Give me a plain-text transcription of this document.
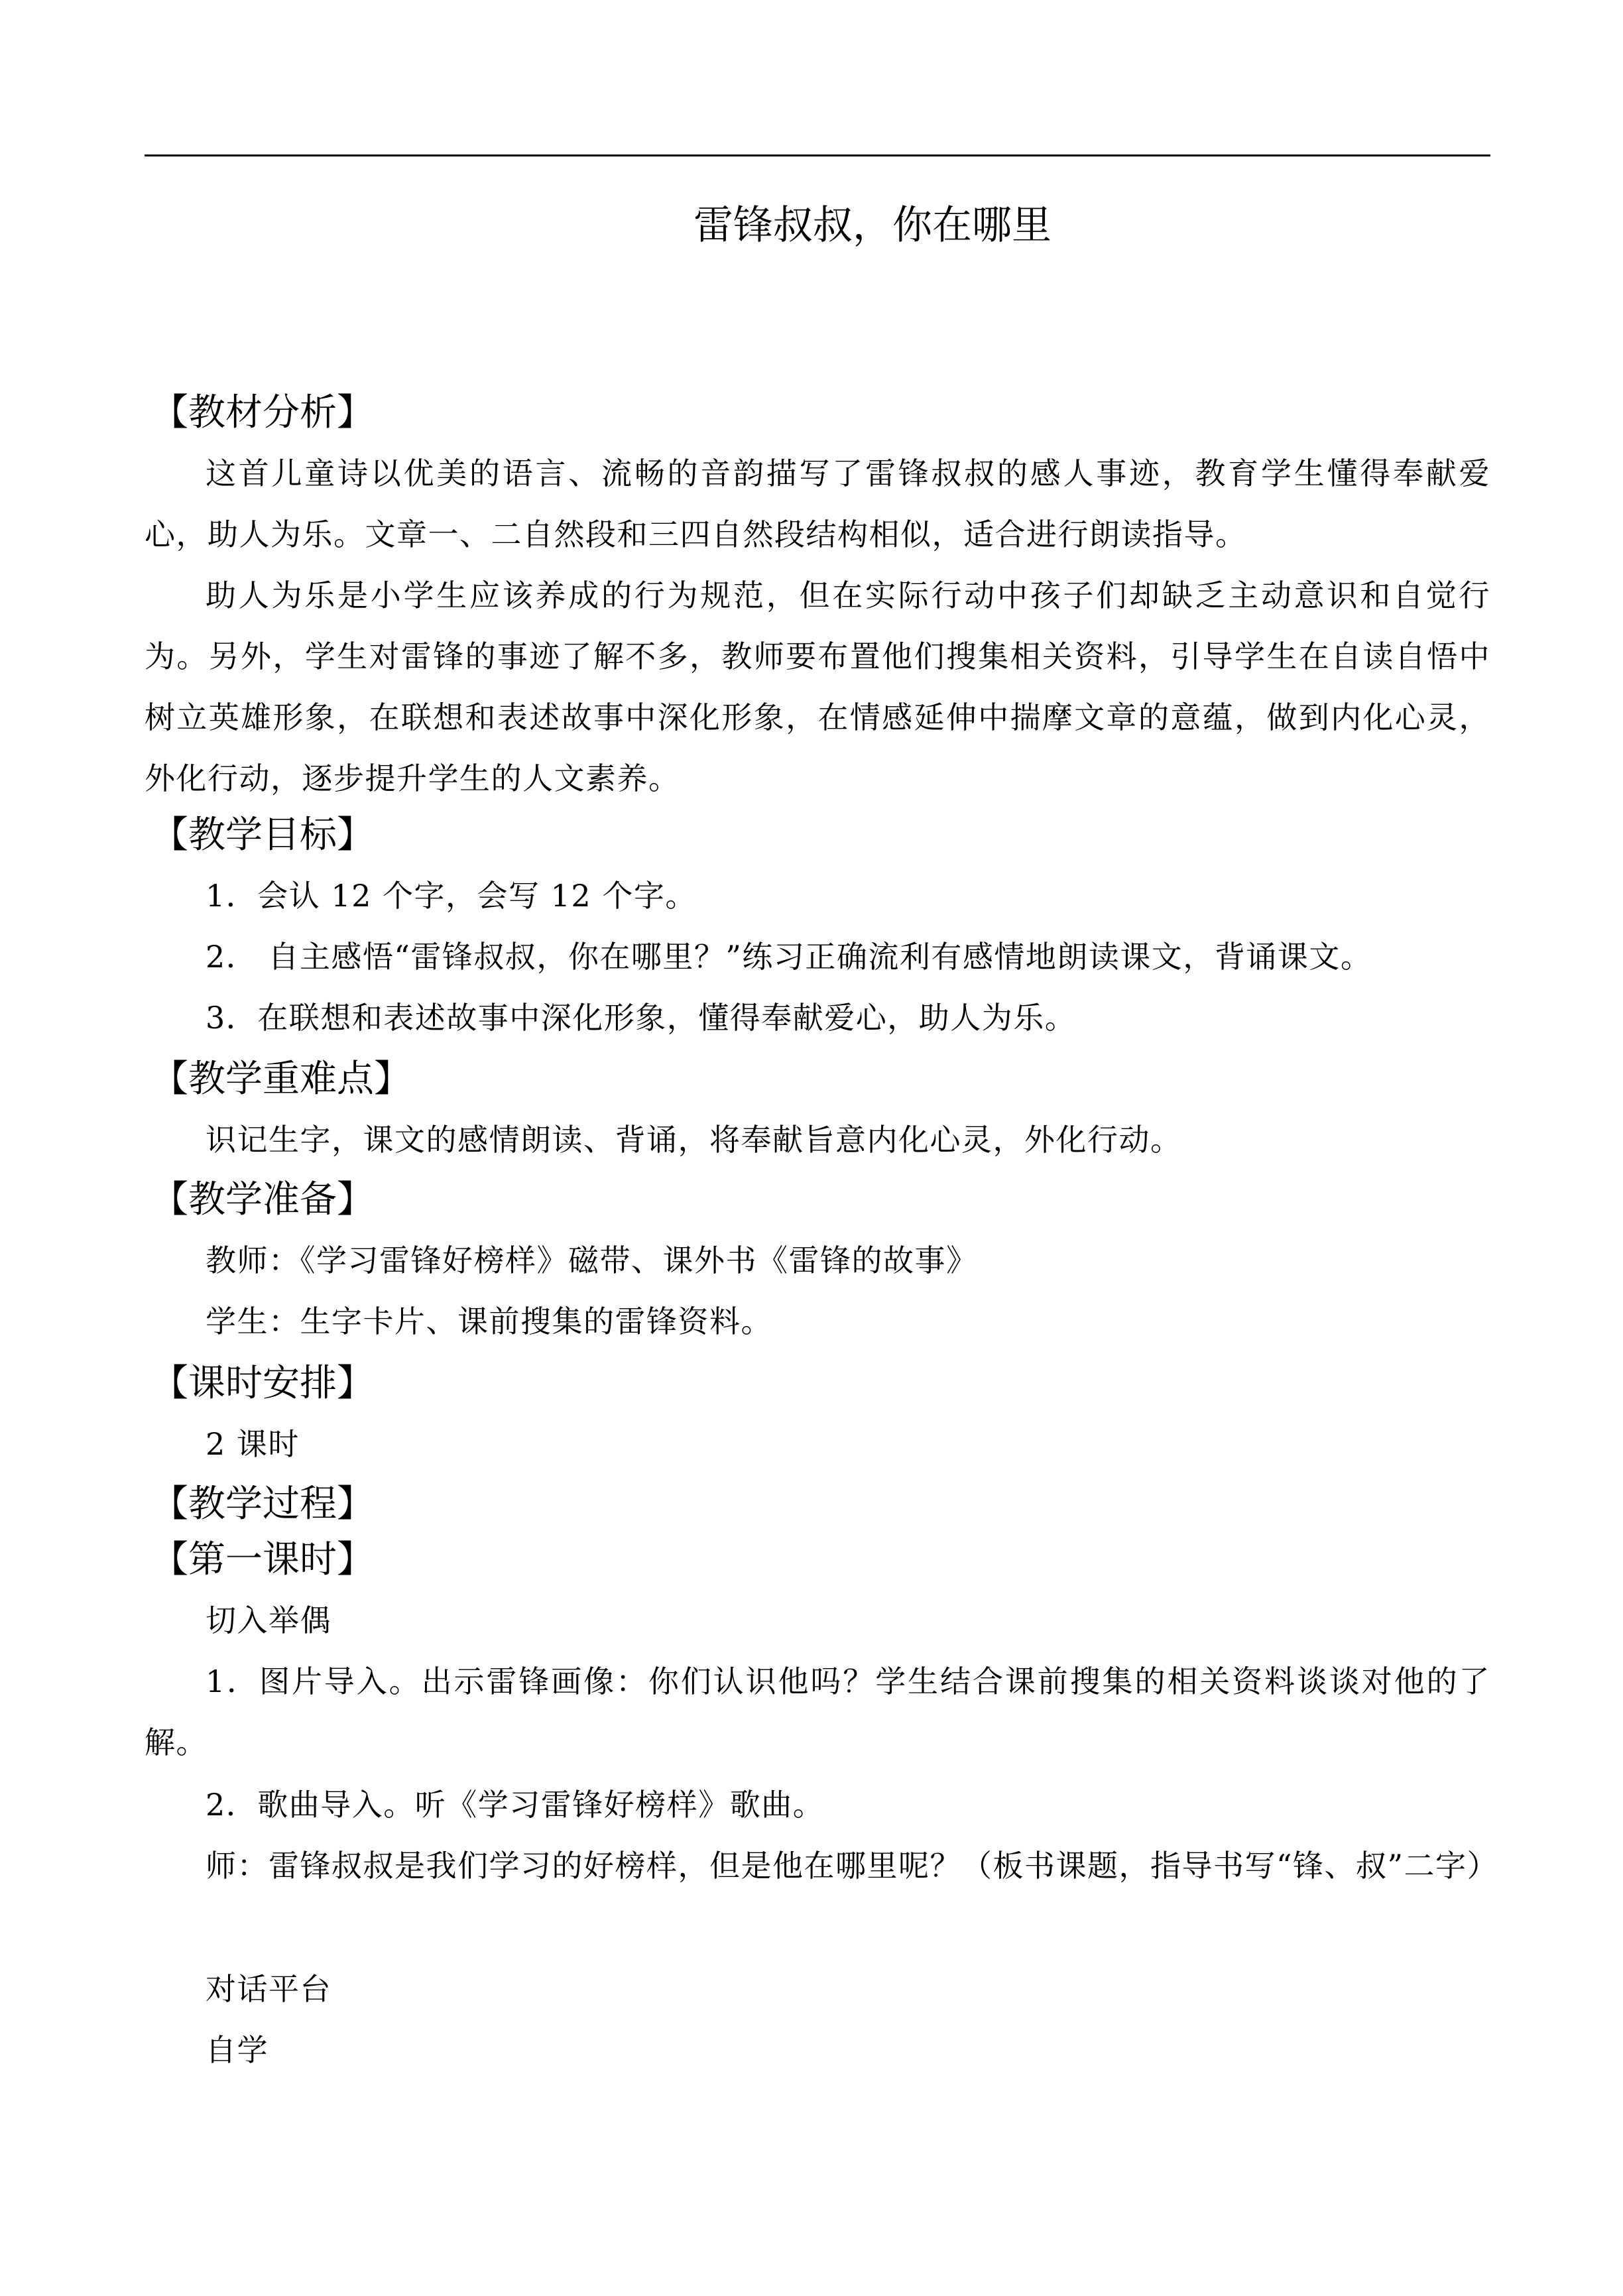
雷锋叔叔，你在哪里
【教材分析】

这首儿童诗以优美的语言、流畅的音韵描写了雷锋叔叔的感人事迹，教育学生懂得奉献爱心，助人为乐。文章一、二自然段和三四自然段结构相似，适合进行朗读指导。

助人为乐是小学生应该养成的行为规范，但在实际行动中孩子们却缺乏主动意识和自觉行为。另外，学生对雷锋的事迹了解不多，教师要布置他们搜集相关资料，引导学生在自读自悟中树立英雄形象，在联想和表述故事中深化形象，在情感延伸中揣摩文章的意蕴，做到内化心灵，外化行动，逐步提升学生的人文素养。

【教学目标】
1．会认 12 个字，会写 12 个字。
2． 自主感悟“雷锋叔叔，你在哪里？”练习正确流利有感情地朗读课文，背诵课文。
3．在联想和表述故事中深化形象，懂得奉献爱心，助人为乐。
【教学重难点】
识记生字，课文的感情朗读、背诵，将奉献旨意内化心灵，外化行动。
【教学准备】
教师：《学习雷锋好榜样》磁带、课外书《雷锋的故事》
学生：生字卡片、课前搜集的雷锋资料。
【课时安排】
2 课时
【教学过程】
【第一课时】
切入举偶

1．图片导入。出示雷锋画像：你们认识他吗？学生结合课前搜集的相关资料谈谈对他的了解。

2．歌曲导入。听《学习雷锋好榜样》歌曲。

师：雷锋叔叔是我们学习的好榜样，但是他在哪里呢？（板书课题，指导书写“锋、叔”二字）

对话平台
自学
